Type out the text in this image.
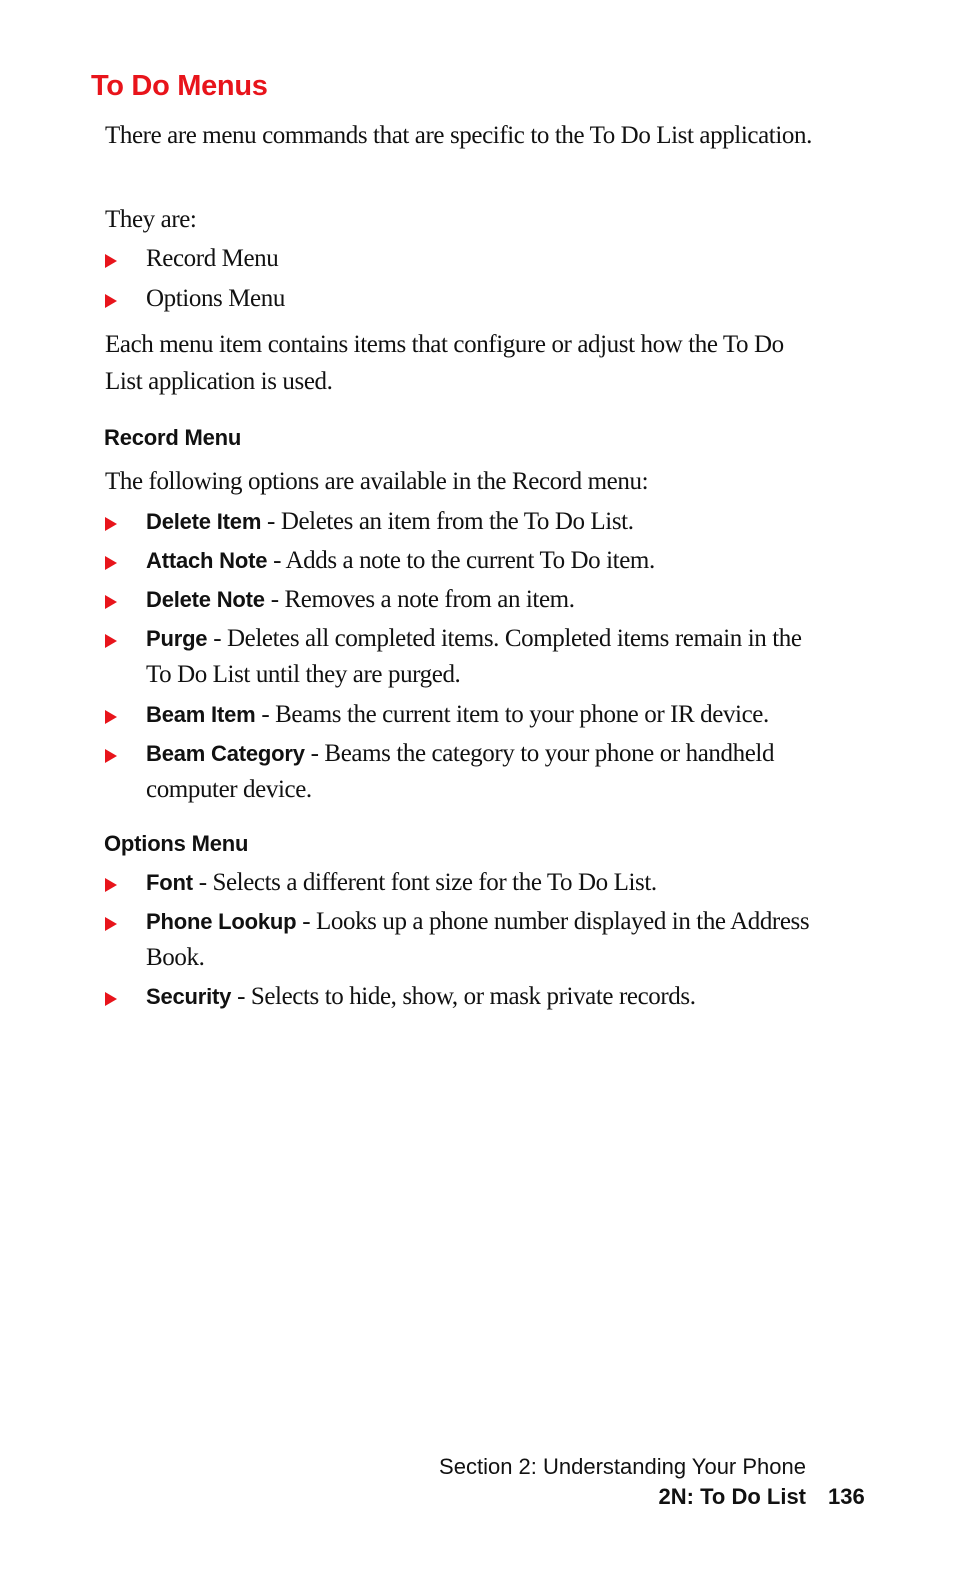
To Do Menus
There are menu commands that are specific to the To Do List application.
They are:
Record Menu
Options Menu
Each menu item contains items that configure or adjust how the To Do List application is used.
Record Menu
The following options are available in the Record menu:
Delete Item - Deletes an item from the To Do List.
Attach Note - Adds a note to the current To Do item.
Delete Note - Removes a note from an item.
Purge - Deletes all completed items. Completed items remain in the To Do List until they are purged.
Beam Item - Beams the current item to your phone or IR device.
Beam Category - Beams the category to your phone or handheld computer device.
Options Menu
Font - Selects a different font size for the To Do List.
Phone Lookup - Looks up a phone number displayed in the Address Book.
Security - Selects to hide, show, or mask private records.
Section 2: Understanding Your Phone
2N: To Do List 136
